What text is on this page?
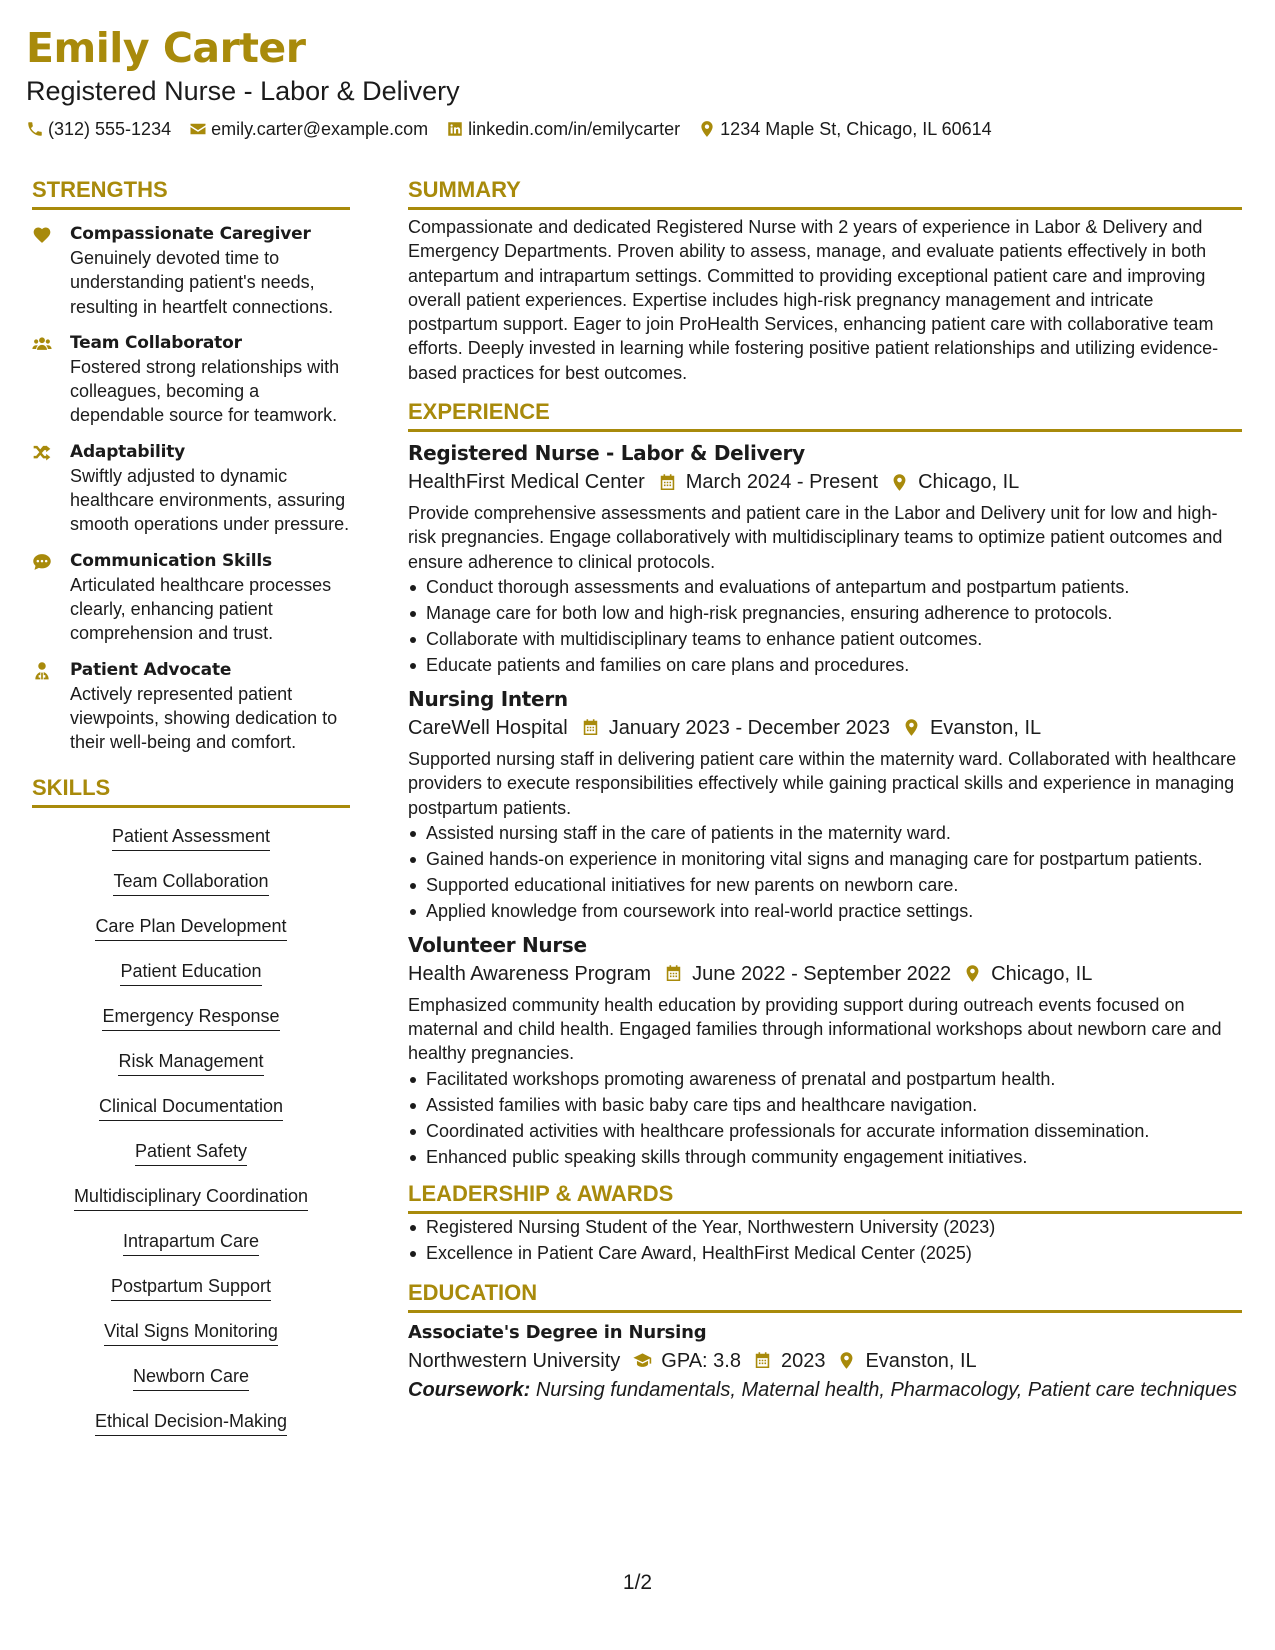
Emily Carter
Registered Nurse - Labor & Delivery
(312) 555-1234 emily.carter@example.com linkedin.com/in/emilycarter 1234 Maple St, Chicago, IL 60614
STRENGTHS
Compassionate Caregiver
Genuinely devoted time to understanding patient's needs, resulting in heartfelt connections.
Team Collaborator
Fostered strong relationships with colleagues, becoming a dependable source for teamwork.
Adaptability
Swiftly adjusted to dynamic healthcare environments, assuring smooth operations under pressure.
Communication Skills
Articulated healthcare processes clearly, enhancing patient comprehension and trust.
Patient Advocate
Actively represented patient viewpoints, showing dedication to their well-being and comfort.
SKILLS
Patient Assessment
Team Collaboration
Care Plan Development
Patient Education
Emergency Response
Risk Management
Clinical Documentation
Patient Safety
Multidisciplinary Coordination
Intrapartum Care
Postpartum Support
Vital Signs Monitoring
Newborn Care
Ethical Decision-Making
SUMMARY
Compassionate and dedicated Registered Nurse with 2 years of experience in Labor & Delivery and Emergency Departments. Proven ability to assess, manage, and evaluate patients effectively in both antepartum and intrapartum settings. Committed to providing exceptional patient care and improving overall patient experiences. Expertise includes high-risk pregnancy management and intricate postpartum support. Eager to join ProHealth Services, enhancing patient care with collaborative team efforts. Deeply invested in learning while fostering positive patient relationships and utilizing evidence-based practices for best outcomes.
EXPERIENCE
Registered Nurse - Labor & Delivery
HealthFirst Medical Center March 2024 - Present Chicago, IL
Provide comprehensive assessments and patient care in the Labor and Delivery unit for low and high-risk pregnancies. Engage collaboratively with multidisciplinary teams to optimize patient outcomes and ensure adherence to clinical protocols.
Conduct thorough assessments and evaluations of antepartum and postpartum patients.
Manage care for both low and high-risk pregnancies, ensuring adherence to protocols.
Collaborate with multidisciplinary teams to enhance patient outcomes.
Educate patients and families on care plans and procedures.
Nursing Intern
CareWell Hospital January 2023 - December 2023 Evanston, IL
Supported nursing staff in delivering patient care within the maternity ward. Collaborated with healthcare providers to execute responsibilities effectively while gaining practical skills and experience in managing postpartum patients.
Assisted nursing staff in the care of patients in the maternity ward.
Gained hands-on experience in monitoring vital signs and managing care for postpartum patients.
Supported educational initiatives for new parents on newborn care.
Applied knowledge from coursework into real-world practice settings.
Volunteer Nurse
Health Awareness Program June 2022 - September 2022 Chicago, IL
Emphasized community health education by providing support during outreach events focused on maternal and child health. Engaged families through informational workshops about newborn care and healthy pregnancies.
Facilitated workshops promoting awareness of prenatal and postpartum health.
Assisted families with basic baby care tips and healthcare navigation.
Coordinated activities with healthcare professionals for accurate information dissemination.
Enhanced public speaking skills through community engagement initiatives.
LEADERSHIP & AWARDS
Registered Nursing Student of the Year, Northwestern University (2023)
Excellence in Patient Care Award, HealthFirst Medical Center (2025)
EDUCATION
Associate's Degree in Nursing
Northwestern University GPA: 3.8 2023 Evanston, IL
Coursework: Nursing fundamentals, Maternal health, Pharmacology, Patient care techniques
1/2
